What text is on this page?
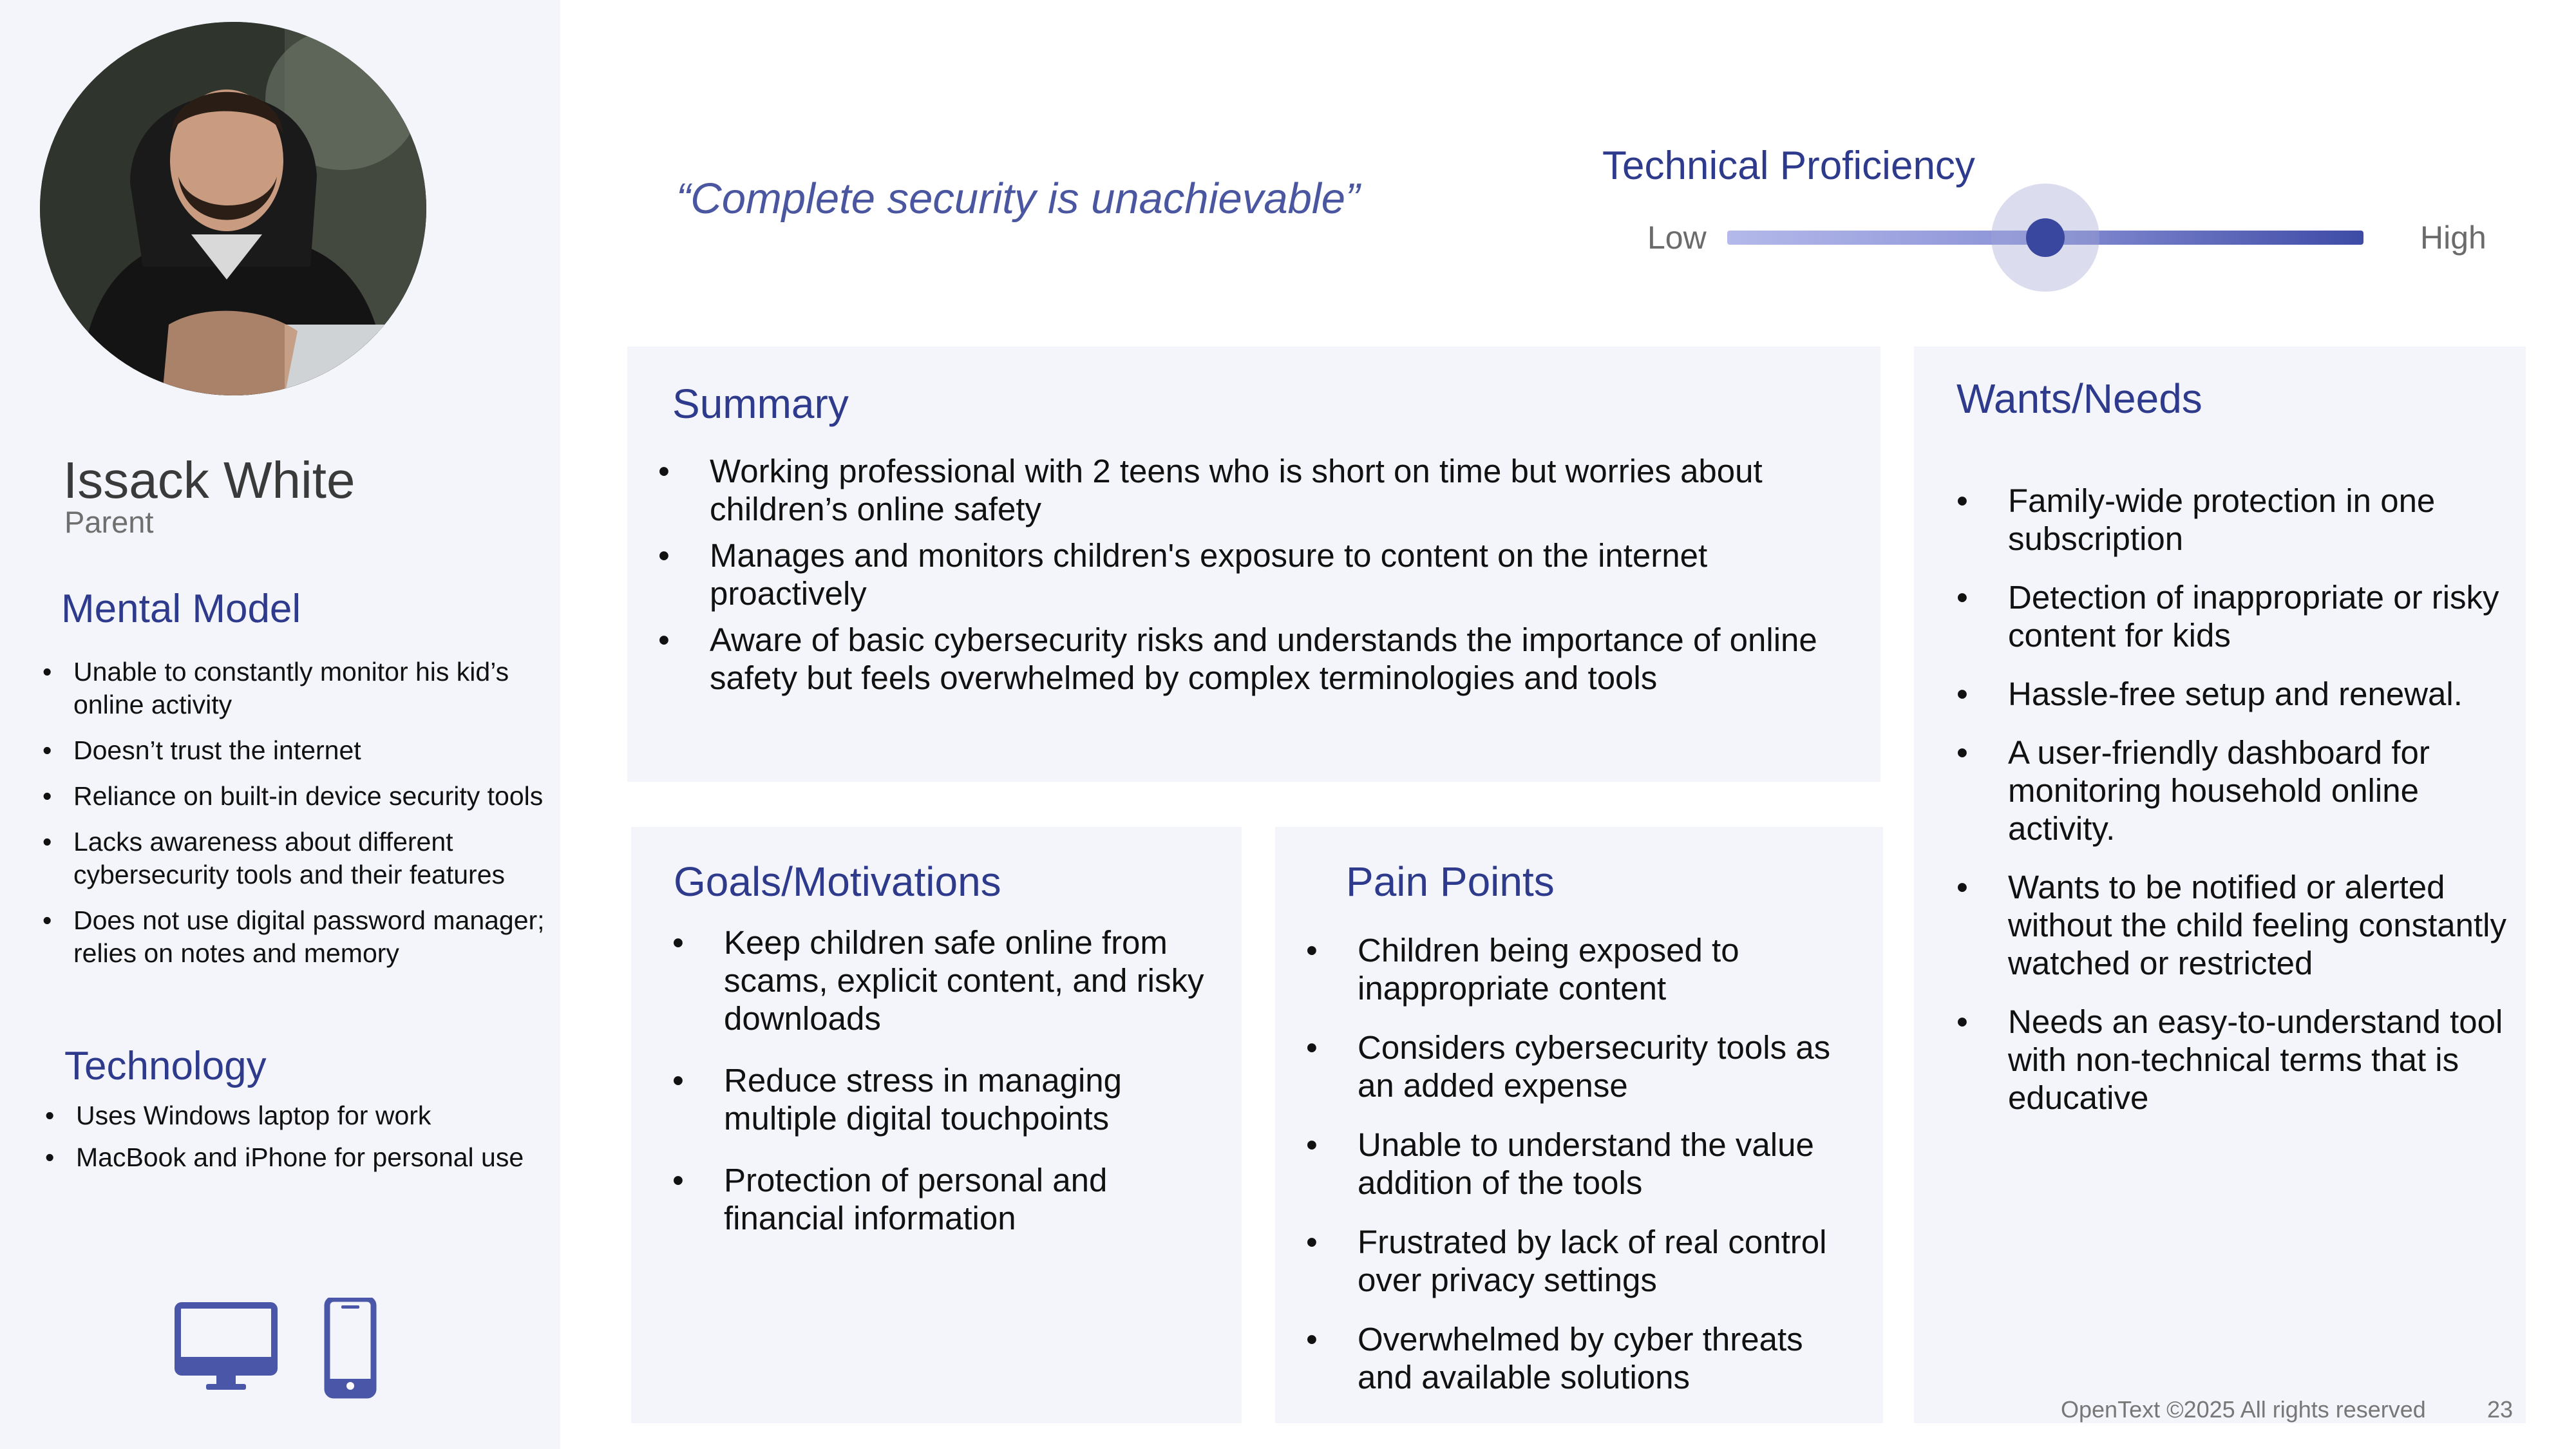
Issack White
Parent
Mental Model
• Unable to constantly monitor his kid’s online activity
• Doesn’t trust the internet
• Reliance on built-in device security tools
• Lacks awareness about different cybersecurity tools and their features
• Does not use digital password manager; relies on notes and memory
Technology
• Uses Windows laptop for work
• MacBook and iPhone for personal use
“Complete security is unachievable”
Technical Proficiency
Low	High
Summary
• Working professional with 2 teens who is short on time but worries about children’s online safety
• Manages and monitors children's exposure to content on the internet proactively
• Aware of basic cybersecurity risks and understands the importance of online safety but feels overwhelmed by complex terminologies and tools
Goals/Motivations
• Keep children safe online from scams, explicit content, and risky downloads
• Reduce stress in managing multiple digital touchpoints
• Protection of personal and financial information
Pain Points
• Children being exposed to inappropriate content
• Considers cybersecurity tools as an added expense
• Unable to understand the value addition of the tools
• Frustrated by lack of real control over privacy settings
• Overwhelmed by cyber threats and available solutions
Wants/Needs
• Family-wide protection in one subscription
• Detection of inappropriate or risky content for kids
• Hassle-free setup and renewal.
• A user-friendly dashboard for monitoring household online activity.
• Wants to be notified or alerted without the child feeling constantly watched or restricted
• Needs an easy-to-understand tool with non-technical terms that is educative
OpenText ©2025 All rights reserved	23
